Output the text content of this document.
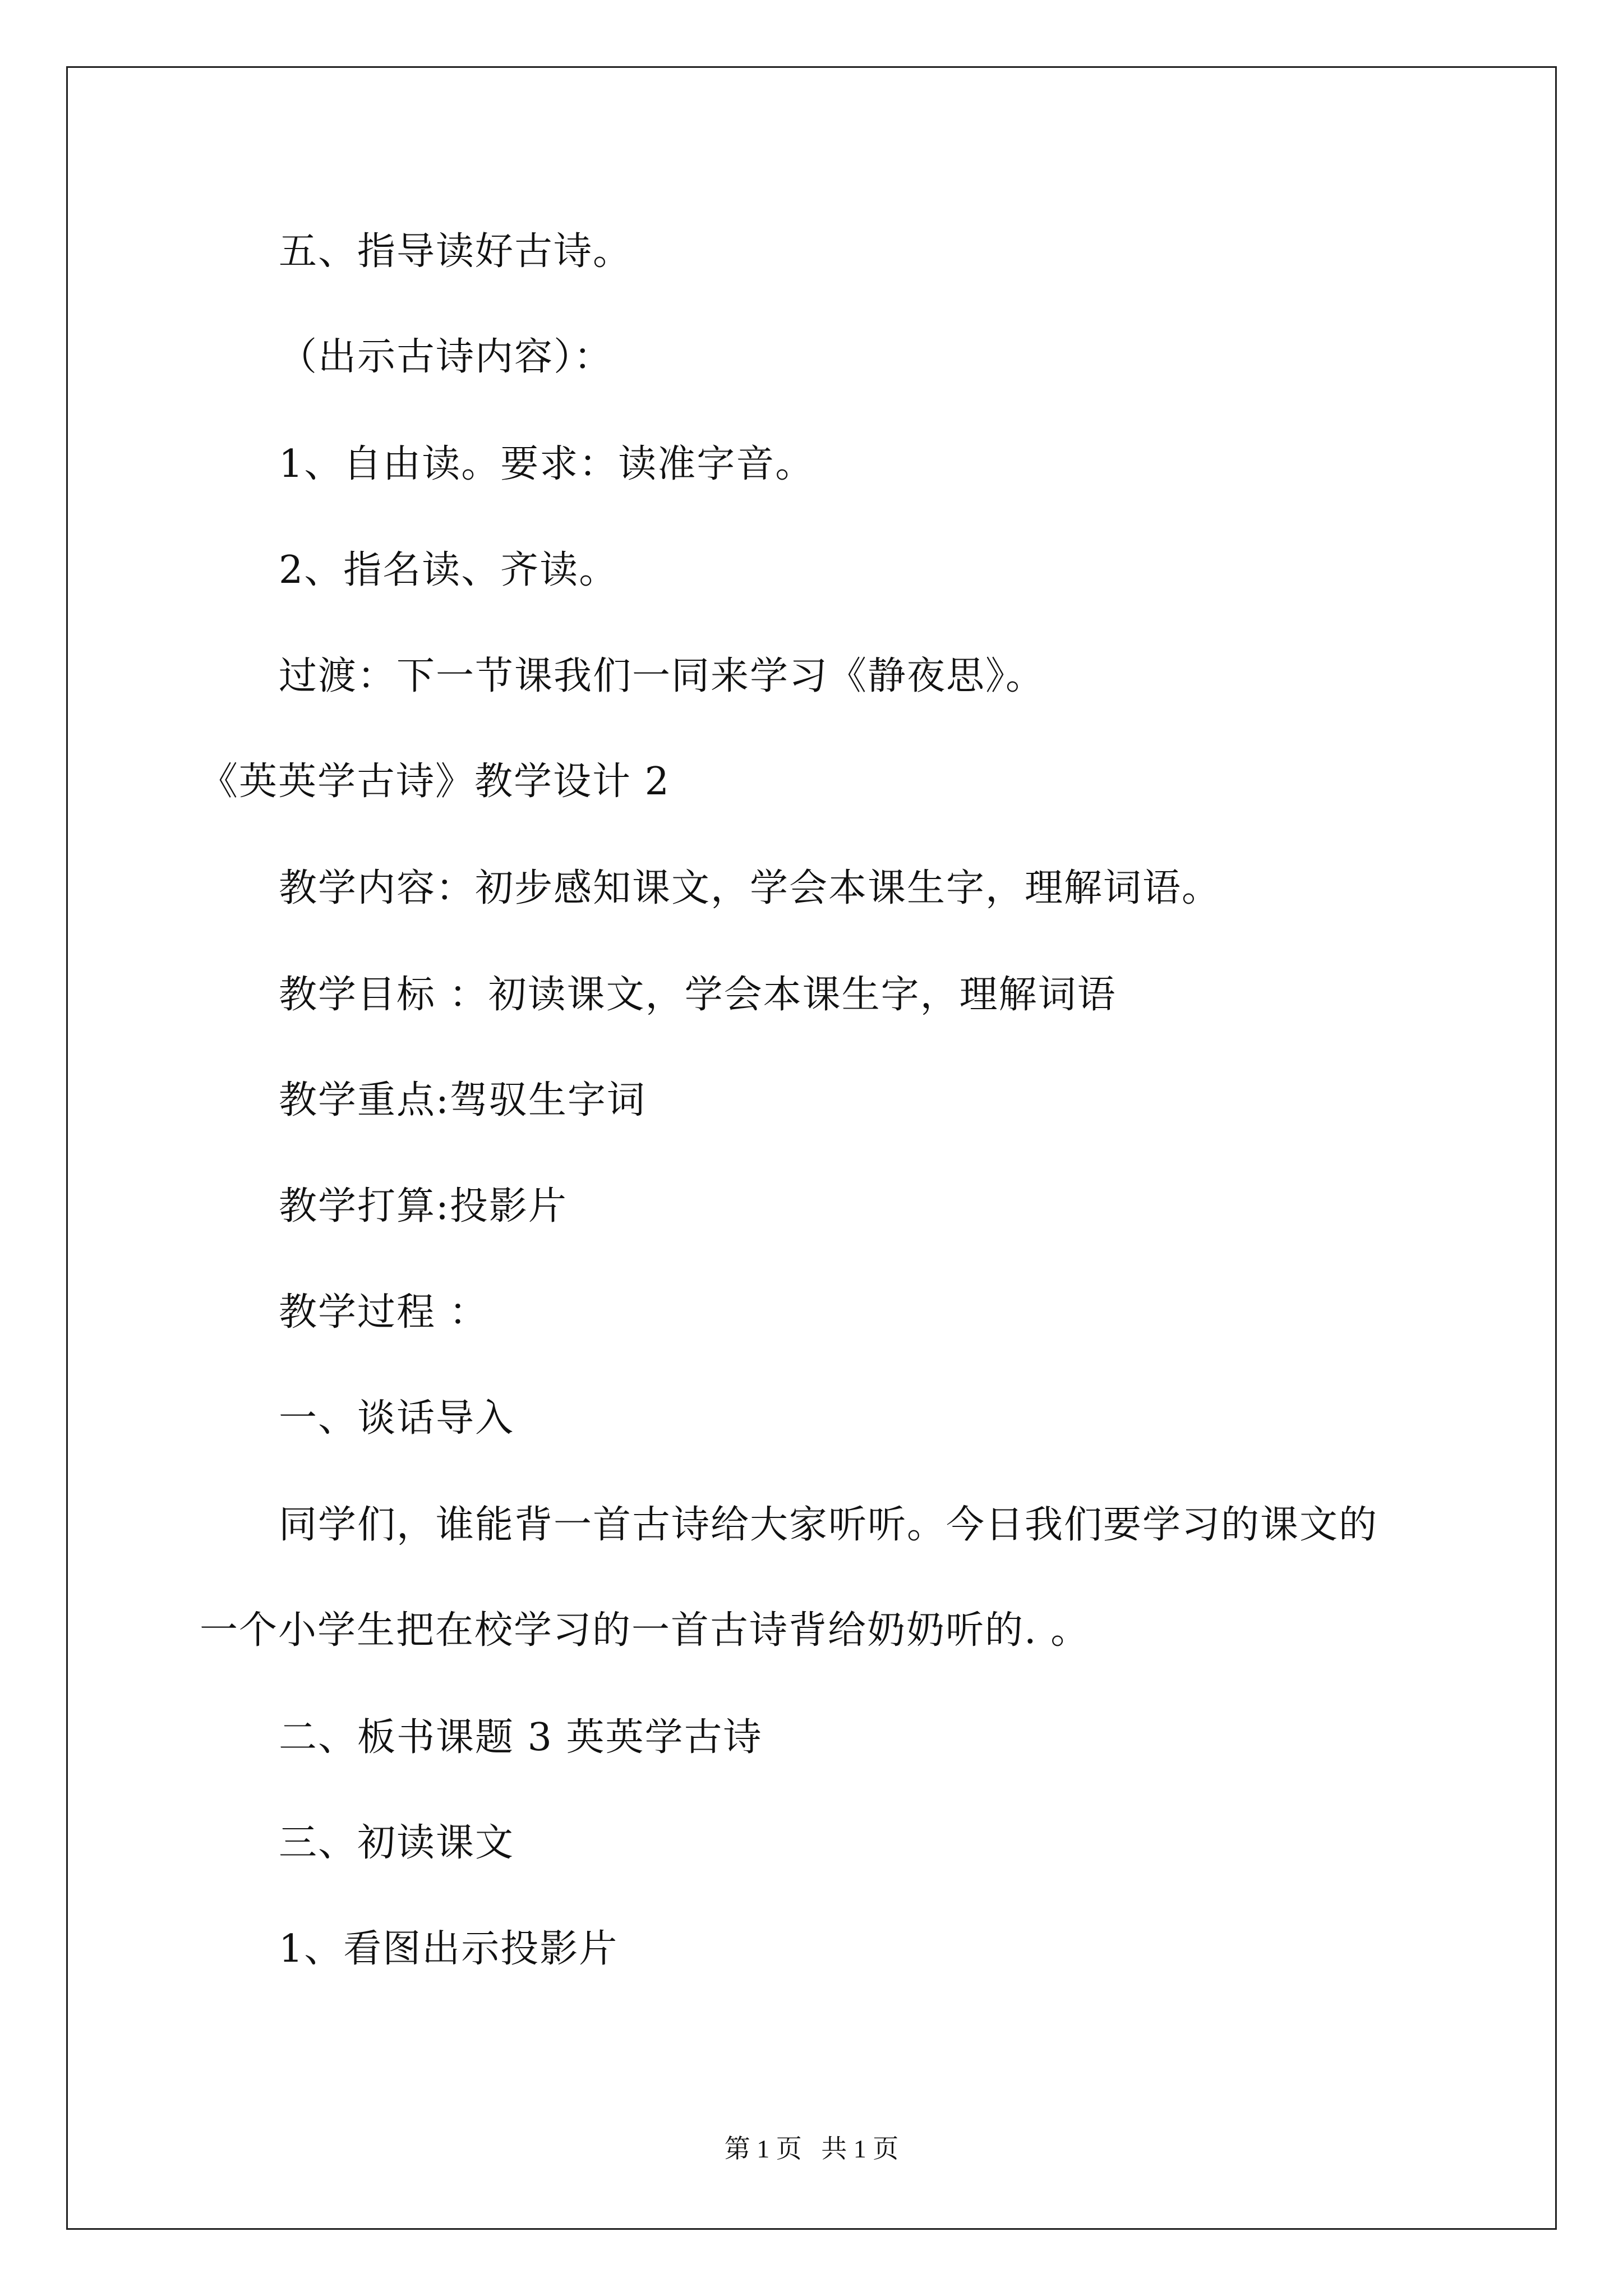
五、指导读好古诗。
（出示古诗内容）：
1、自由读。要求：读准字音。
2、指名读、齐读。
过渡：下一节课我们一同来学习《静夜思》。
《英英学古诗》教学设计 2
教学内容：初步感知课文，学会本课生字，理解词语。
教学目标 ：初读课文，学会本课生字，理解词语
教学重点:驾驭生字词
教学打算:投影片
教学过程 ：
一、谈话导入
同学们，谁能背一首古诗给大家听听。今日我们要学习的课文的
一个小学生把在校学习的一首古诗背给奶奶听的. 。
二、板书课题 3 英英学古诗
三、初读课文
1、看图出示投影片
第 1 页   共 1 页
